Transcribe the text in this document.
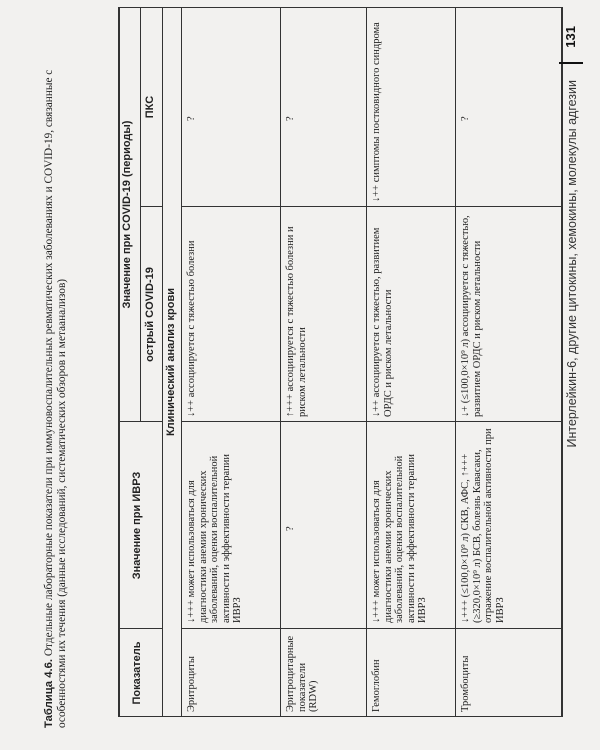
Таблица 4.6. Отдельные лабораторные показатели при иммуновоспалительных ревматических заболеваниях и COVID-19, связанные с особенностями их течения (данные исследований, систематических обзоров и метаанализов)	Показатель
Значение при ИВРЗ
Значение при COVID-19 (периоды)
острый COVID-19
ПКС
Клинический анализ крови
Эритроциты
↓+++ может использоваться для диагностики анемии хронических заболеваний, оценки воспалительной активности и эффективности терапии ИВРЗ
↓++ ассоциируется с тяжестью болезни
?
Эритроцитарные показатели (RDW)
?
↑+++ ассоциируется с тяжестью болезни и риском летальности
?
Гемоглобин
↓+++ может использоваться для диагностики анемии хронических заболеваний, оценки воспалительной активности и эффективности терапии ИВРЗ
↓++ ассоциируется с тяжестью, развитием ОРДС и риском летальности
↓++ симптомы постковидного синдрома
Тромбоциты
↓+++ (≤100,0×10⁹ л) СКВ, АФС, ↑+++ (≥320,0×10⁹ л) БСВ, болезнь Кавасаки, отражение воспалительной активности при ИВРЗ
↓+ (≤100,0×10⁹ л) ассоциируется с тяжестью, развитием ОРДС и риском летальности
?	Интерлейкин-6, другие цитокины, хемокины, молекулы адгезии
131
